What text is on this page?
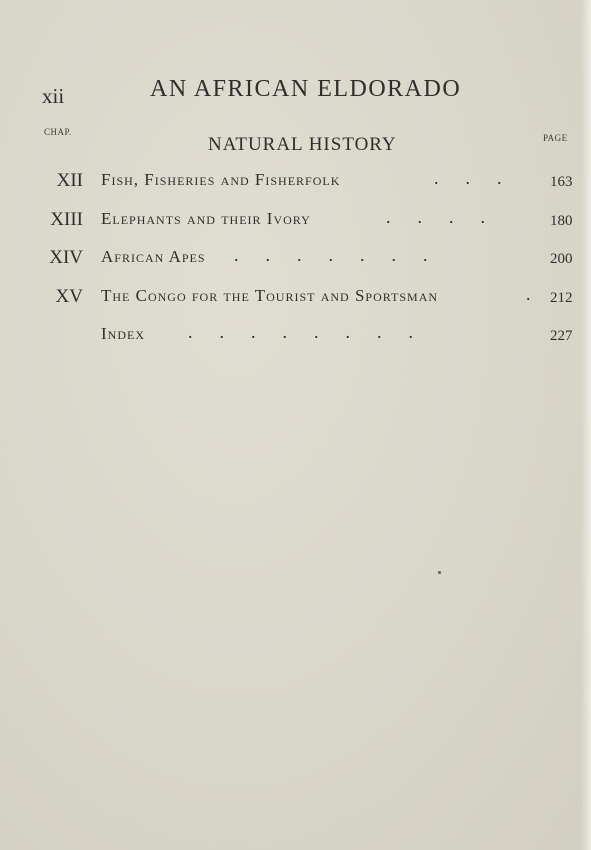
xii	AN AFRICAN ELDORADO
CHAP.
PAGE
NATURAL HISTORY
XII Fish, Fisheries and Fisherfolk	.      .      .	163
XIII Elephants and their Ivory	.      .      .      .	180
XIV African Apes .      .      .      .      .      .      .	200
XV The Congo for the Tourist and Sportsman	. 212
Index .      .      .      .      .      .      .      .	227
